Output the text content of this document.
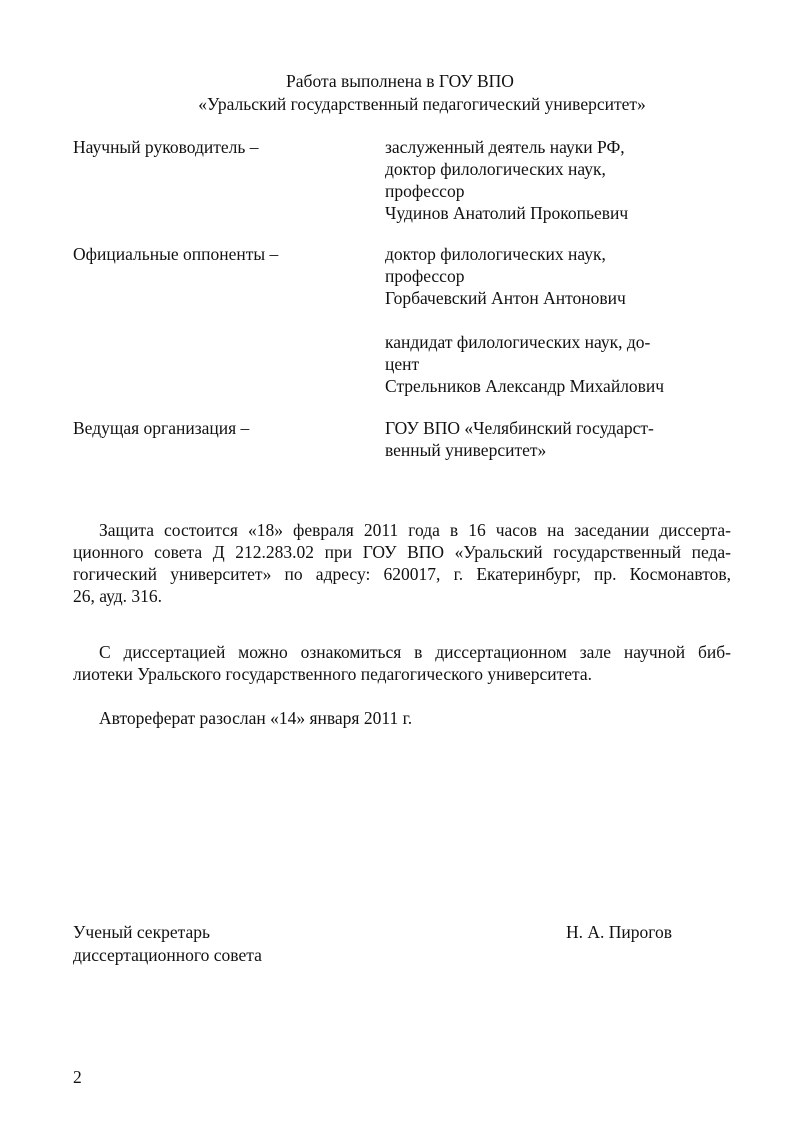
Работа выполнена в ГОУ ВПО
«Уральский государственный педагогический университет»
Научный руководитель –	заслуженный деятель науки РФ,
доктор филологических наук,
профессор
Чудинов Анатолий Прокопьевич
Официальные оппоненты –	доктор филологических наук,
профессор
Горбачевский Антон Антонович
кандидат филологических наук, до-
цент
Стрельников Александр Михайлович
Ведущая организация –	ГОУ ВПО «Челябинский государст-
венный университет»
Защита состоится «18» февраля 2011 года в 16 часов на заседании диссерта-
ционного совета Д 212.283.02 при ГОУ ВПО «Уральский государственный педа-
гогический университет» по адресу: 620017, г. Екатеринбург, пр. Космонавтов,
26, ауд. 316.
С диссертацией можно ознакомиться в диссертационном зале научной биб-
лиотеки Уральского государственного педагогического университета.
Автореферат разослан «14» января 2011 г.
Ученый секретарь
диссертационного совета
Н. А. Пирогов
2
